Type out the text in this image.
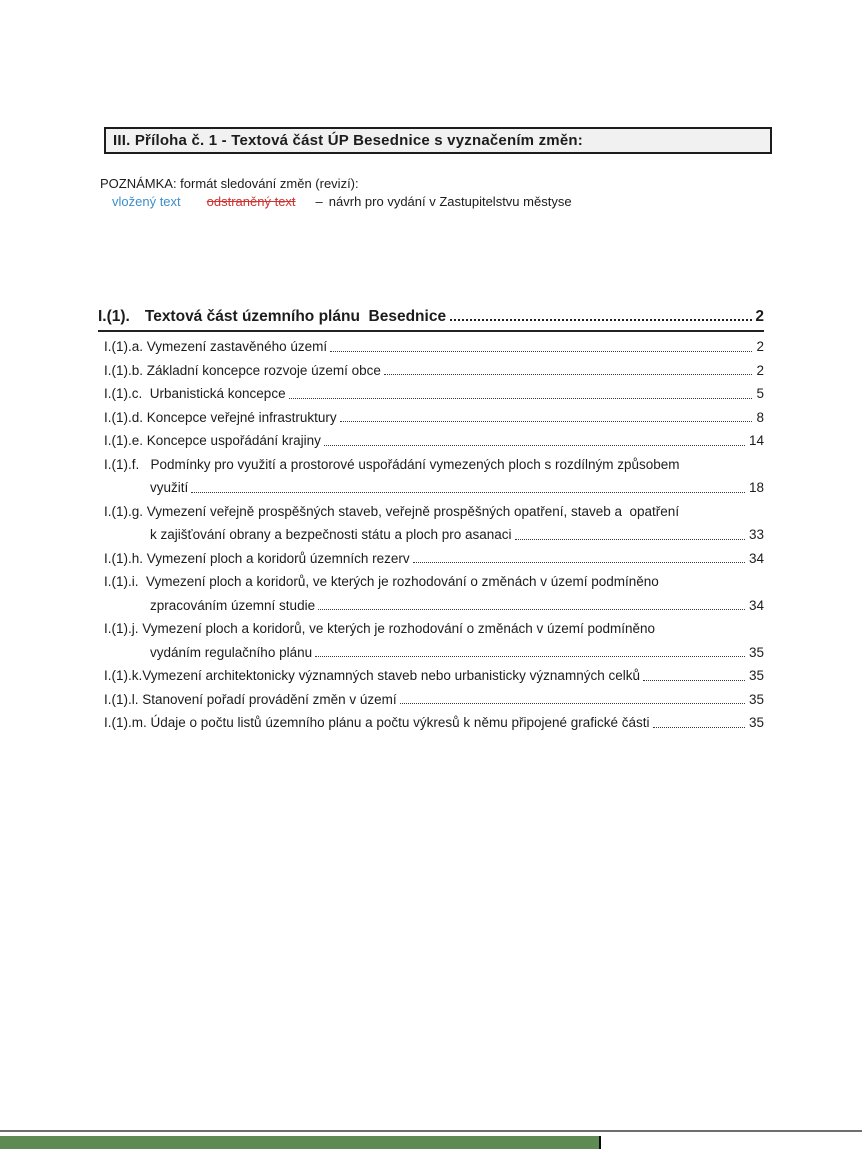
III. Příloha č. 1 - Textová část ÚP Besednice s vyznačením změn:
POZNÁMKA: formát sledování změn (revizí):
vložený text odstraněný text – návrh pro vydání v Zastupitelstvu městyse
I.(1). Textová část územního plánu  Besednice	2
I.(1).a. Vymezení zastavěného území	2
I.(1).b. Základní koncepce rozvoje území obce	2
I.(1).c.  Urbanistická koncepce	5
I.(1).d. Koncepce veřejné infrastruktury	8
I.(1).e. Koncepce uspořádání krajiny	14
I.(1).f.   Podmínky pro využití a prostorové uspořádání vymezených ploch s rozdílným způsobem
využití	18
I.(1).g. Vymezení veřejně prospěšných staveb, veřejně prospěšných opatření, staveb a  opatření
k zajišťování obrany a bezpečnosti státu a ploch pro asanaci	33
I.(1).h. Vymezení ploch a koridorů územních rezerv	34
I.(1).i.  Vymezení ploch a koridorů, ve kterých je rozhodování o změnách v území podmíněno
zpracováním územní studie	34
I.(1).j. Vymezení ploch a koridorů, ve kterých je rozhodování o změnách v území podmíněno
vydáním regulačního plánu	35
I.(1).k.Vymezení architektonicky významných staveb nebo urbanisticky významných celků	35
I.(1).l. Stanovení pořadí provádění změn v území	35
I.(1).m. Údaje o počtu listů územního plánu a počtu výkresů k němu připojené grafické části	35
